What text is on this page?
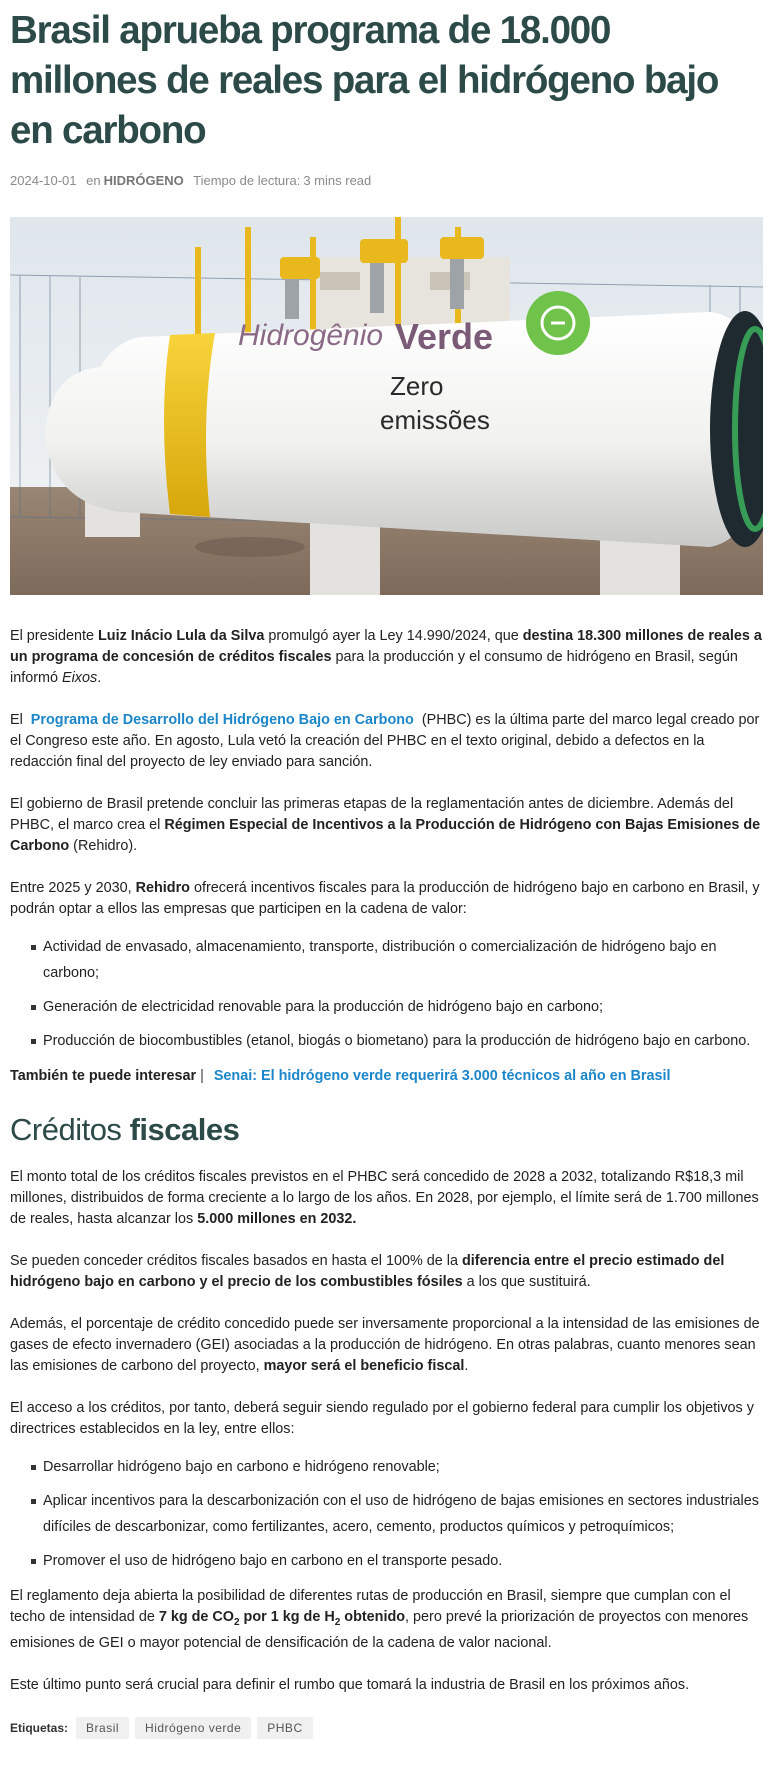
Brasil aprueba programa de 18.000 millones de reales para el hidrógeno bajo en carbono
2024-10-01 en HIDRÓGENO Tiempo de lectura: 3 mins read
Hidrogênio Verde
Zero
emissões

El presidente Luiz Inácio Lula da Silva promulgó ayer la Ley 14.990/2024, que destina 18.300 millones de reales a un programa de concesión de créditos fiscales para la producción y el consumo de hidrógeno en Brasil, según informó Eixos.

El  Programa de Desarrollo del Hidrógeno Bajo en Carbono  (PHBC) es la última parte del marco legal creado por el Congreso este año. En agosto, Lula vetó la creación del PHBC en el texto original, debido a defectos en la redacción final del proyecto de ley enviado para sanción.

El gobierno de Brasil pretende concluir las primeras etapas de la reglamentación antes de diciembre. Además del PHBC, el marco crea el Régimen Especial de Incentivos a la Producción de Hidrógeno con Bajas Emisiones de Carbono (Rehidro).

Entre 2025 y 2030, Rehidro ofrecerá incentivos fiscales para la producción de hidrógeno bajo en carbono en Brasil, y podrán optar a ellos las empresas que participen en la cadena de valor:

Actividad de envasado, almacenamiento, transporte, distribución o comercialización de hidrógeno bajo en carbono;
Generación de electricidad renovable para la producción de hidrógeno bajo en carbono;
Producción de biocombustibles (etanol, biogás o biometano) para la producción de hidrógeno bajo en carbono.
También te puede interesar | Senai: El hidrógeno verde requerirá 3.000 técnicos al año en Brasil
Créditos fiscales

El monto total de los créditos fiscales previstos en el PHBC será concedido de 2028 a 2032, totalizando R$18,3 mil millones, distribuidos de forma creciente a lo largo de los años. En 2028, por ejemplo, el límite será de 1.700 millones de reales, hasta alcanzar los 5.000 millones en 2032.

Se pueden conceder créditos fiscales basados en hasta el 100% de la diferencia entre el precio estimado del hidrógeno bajo en carbono y el precio de los combustibles fósiles a los que sustituirá.

Además, el porcentaje de crédito concedido puede ser inversamente proporcional a la intensidad de las emisiones de gases de efecto invernadero (GEI) asociadas a la producción de hidrógeno. En otras palabras, cuanto menores sean las emisiones de carbono del proyecto, mayor será el beneficio fiscal.

El acceso a los créditos, por tanto, deberá seguir siendo regulado por el gobierno federal para cumplir los objetivos y directrices establecidos en la ley, entre ellos:

Desarrollar hidrógeno bajo en carbono e hidrógeno renovable;
Aplicar incentivos para la descarbonización con el uso de hidrógeno de bajas emisiones en sectores industriales difíciles de descarbonizar, como fertilizantes, acero, cemento, productos químicos y petroquímicos;
Promover el uso de hidrógeno bajo en carbono en el transporte pesado.

El reglamento deja abierta la posibilidad de diferentes rutas de producción en Brasil, siempre que cumplan con el techo de intensidad de 7 kg de $CO_2$ por 1 kg de $H_2$ obtenido, pero prevé la priorización de proyectos con menores emisiones de GEI o mayor potencial de densificación de la cadena de valor nacional.

Este último punto será crucial para definir el rumbo que tomará la industria de Brasil en los próximos años.

Etiquetas:	Brasil	Hidrógeno verde	PHBC
